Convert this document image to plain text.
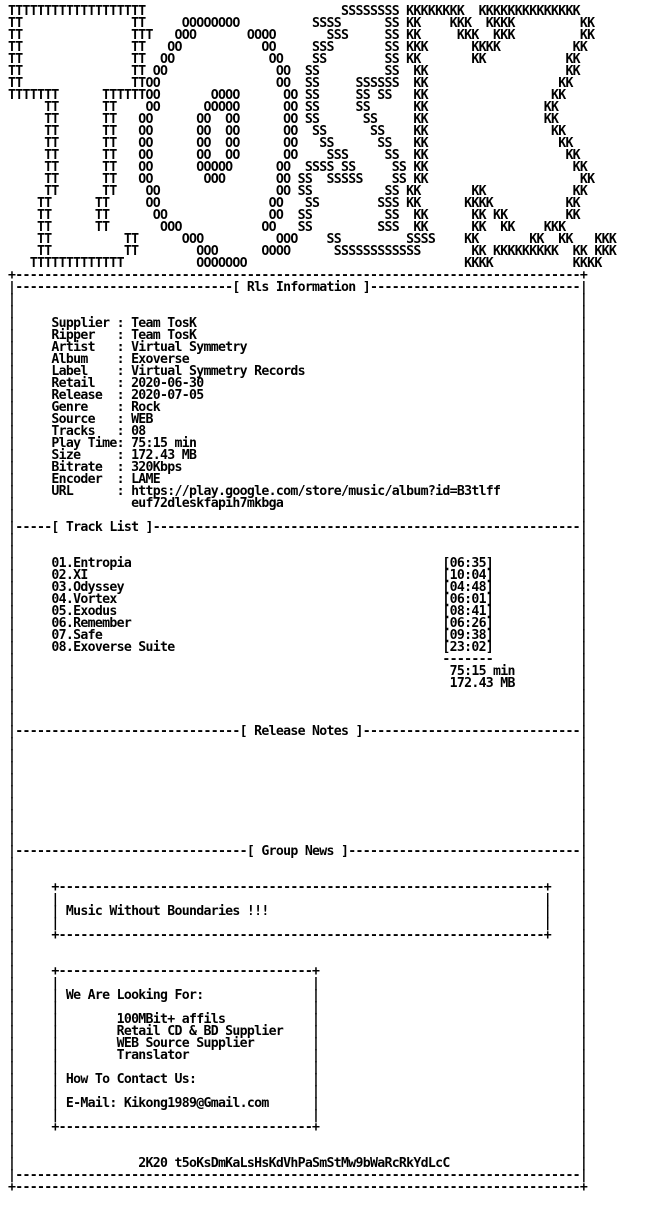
TTTTTTTTTTTTTTTTTTT                           SSSSSSSS KKKKKKKK  KKKKKKKKKKKKKK
TT               TT     OOOOOOOO          SSSS      SS KK    KKK  KKKK         KK
TT               TTT   OOO       OOOO       SSS     SS KK     KKK  KKK         KK
TT               TT   OO           OO     SSS       SS KKK      KKKK          KK
TT               TT  OO             OO    SS        SS KK       KK           KK
TT               TT OO               OO  SS         SS  KK                   KK
TT               TTOO                OO  SS     SSSSSS  KK                  KK
TTTTTTT      TTTTTTOO       OOOO      OO SS     SS SS   KK                 KK
TT      TT    OO      OOOOO      OO SS     SS      KK                KK
TT      TT   OO      OO  OO      OO SS      SS     KK                KK
TT      TT   OO      OO  OO      OO  SS      SS    KK                 KK
TT      TT   OO      OO  OO      OO   SS      SS   KK                  KK
TT      TT   OO      OO  OO      OO    SSS     SS  KK                   KK
TT      TT   OO      OOOOO      OO  SSSS SS     SS KK                    KK
TT      TT   OO       OOO       OO SS  SSSSS    SS KK                     KK
TT      TT    OO                OO SS          SS KK       KK            KK
TT      TT     OO               OO   SS        SSS KK      KKKK          KK
TT      TT      OO              OO  SS          SS  KK      KK KK        KK
TT      TT       OOO           OO   SS         SSS  KK      KK  KK    KKK
TT          TT      OOO          OOO    SS         SSSS    KK       KK  KK   KKK
TT          TT        OOO      OOOO      SSSSSSSSSSSS       KK KKKKKKKKK  KK KKK
TTTTTTTTTTTTT          OOOOOOO                              KKKK           KKKK
+------------------------------------------------------------------------------+
|------------------------------[ Rls Information ]-----------------------------|
|                                                                              |
|                                                                              |
|     Supplier : Team TosK                                                     |
|     Ripper   : Team TosK                                                     |
|     Artist   : Virtual Symmetry                                              |
|     Album    : Exoverse                                                      |
|     Label    : Virtual Symmetry Records                                      |
|     Retail   : 2020-06-30                                                    |
|     Release  : 2020-07-05                                                    |
|     Genre    : Rock                                                          |
|     Source   : WEB                                                           |
|     Tracks   : 08                                                            |
|     Play Time: 75:15 min                                                     |
|     Size     : 172.43 MB                                                     |
|     Bitrate  : 320Kbps                                                       |
|     Encoder  : LAME                                                          |
|     URL      : https://play.google.com/store/music/album?id=B3tlff           |
|                euf72dleskfapih7mkbga                                         |
|                                                                              |
|-----[ Track List ]-----------------------------------------------------------|
|                                                                              |
|                                                                              |
|     01.Entropia                                           [06:35]            |
|     02.XI                                                 [10:04]            |
|     03.Odyssey                                            [04:48]            |
|     04.Vortex                                             [06:01]            |
|     05.Exodus                                             [08:41]            |
|     06.Remember                                           [06:26]            |
|     07.Safe                                               [09:38]            |
|     08.Exoverse Suite                                     [23:02]            |
|                                                           -------            |
|                                                            75:15 min         |
|                                                            172.43 MB         |
|                                                                              |
|                                                                              |
|                                                                              |
|-------------------------------[ Release Notes ]------------------------------|
|                                                                              |
|                                                                              |
|                                                                              |
|                                                                              |
|                                                                              |
|                                                                              |
|                                                                              |
|                                                                              |
|                                                                              |
|--------------------------------[ Group News ]--------------------------------|
|                                                                              |
|                                                                              |
|     +-------------------------------------------------------------------+    |
|     |                                                                   |    |
|     | Music Without Boundaries !!!                                      |    |
|     |                                                                   |    |
|     +-------------------------------------------------------------------+    |
|                                                                              |
|                                                                              |
|     +-----------------------------------+                                    |
|     |                                   |                                    |
|     | We Are Looking For:               |                                    |
|     |                                   |                                    |
|     |        100MBit+ affils            |                                    |
|     |        Retail CD & BD Supplier    |                                    |
|     |        WEB Source Supplier        |                                    |
|     |        Translator                 |                                    |
|     |                                   |                                    |
|     | How To Contact Us:                |                                    |
|     |                                   |                                    |
|     | E-Mail: Kikong1989@Gmail.com      |                                    |
|     |                                   |                                    |
|     +-----------------------------------+                                    |
|                                                                              |
|                                                                              |
|                 2K20 t5oKsDmKaLsHsKdVhPaSmStMw9bWaRcRkYdLcC                  |
|------------------------------------------------------------------------------|
+------------------------------------------------------------------------------+
